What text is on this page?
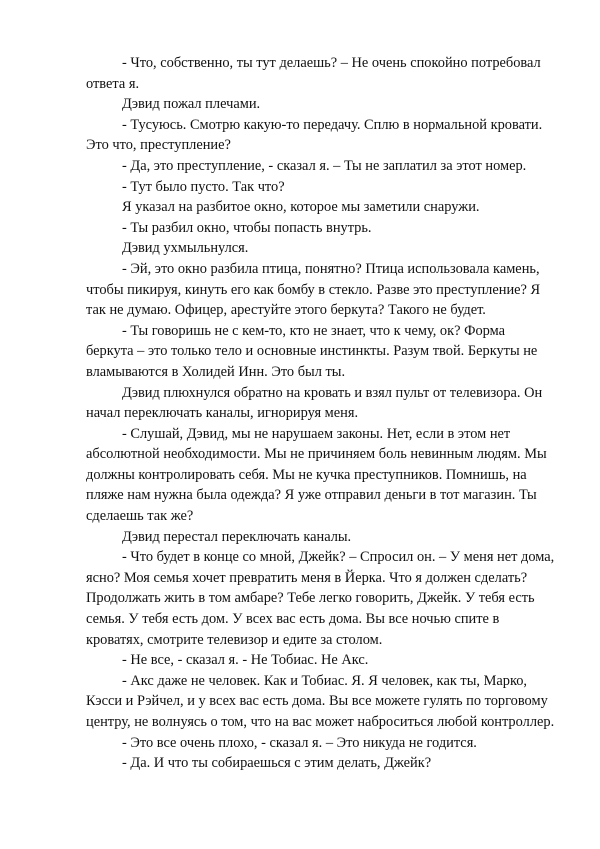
- Что, собственно, ты тут делаешь? – Не очень спокойно потребовал ответа я.

Дэвид пожал плечами.

- Тусуюсь. Смотрю какую-то передачу. Сплю в нормальной кровати. Это что, преступление?

- Да, это преступление, - сказал я. – Ты не заплатил за этот номер.

- Тут было пусто. Так что?

Я указал на разбитое окно, которое мы заметили снаружи.

- Ты разбил окно, чтобы попасть внутрь.

Дэвид ухмыльнулся.

- Эй, это окно разбила птица, понятно? Птица использовала камень, чтобы пикируя, кинуть его как бомбу в стекло. Разве это преступление? Я так не думаю. Офицер, арестуйте этого беркута? Такого не будет.

- Ты говоришь не с кем-то, кто не знает, что к чему, ок? Форма беркута – это только тело и основные инстинкты. Разум твой. Беркуты не вламываются в Холидей Инн. Это был ты.

Дэвид плюхнулся обратно на кровать и взял пульт от телевизора. Он начал переключать каналы, игнорируя меня.

- Слушай, Дэвид, мы не нарушаем законы. Нет, если в этом нет абсолютной необходимости. Мы не причиняем боль невинным людям. Мы должны контролировать себя. Мы не кучка преступников. Помнишь, на пляже нам нужна была одежда? Я уже отправил деньги в тот магазин. Ты сделаешь так же?

Дэвид перестал переключать каналы.

- Что будет в конце со мной, Джейк? – Спросил он. – У меня нет дома, ясно? Моя семья хочет превратить меня в Йерка. Что я должен сделать? Продолжать жить в том амбаре? Тебе легко говорить, Джейк. У тебя есть семья. У тебя есть дом. У всех вас есть дома. Вы все ночью спите в кроватях, смотрите телевизор и едите за столом.

- Не все, - сказал я. - Не Тобиас. Не Акс.

- Акс даже не человек. Как и Тобиас. Я. Я человек, как ты, Марко, Кэсси и Рэйчел, и у всех вас есть дома. Вы все можете гулять по торговому центру, не волнуясь о том, что на вас может наброситься любой контроллер.

- Это все очень плохо, - сказал я. – Это никуда не годится.

- Да. И что ты собираешься с этим делать, Джейк?
